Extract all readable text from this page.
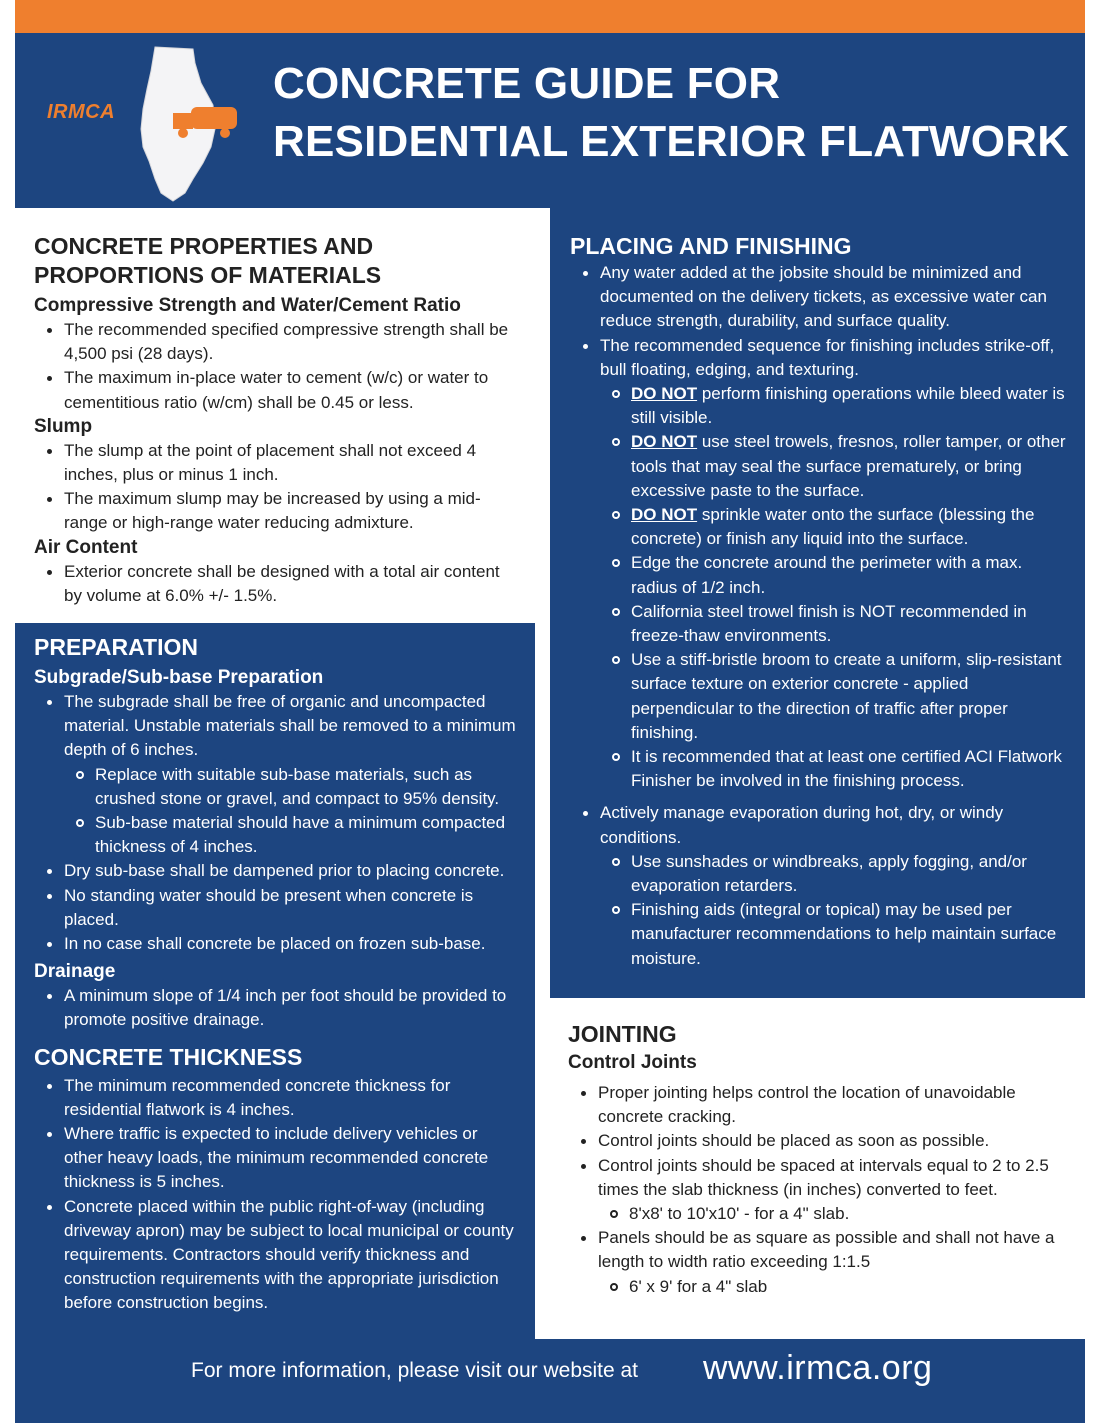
IRMCA
CONCRETE GUIDE FOR
RESIDENTIAL EXTERIOR FLATWORK
CONCRETE PROPERTIES AND PROPORTIONS OF MATERIALS
Compressive Strength and Water/Cement Ratio
The recommended specified compressive strength shall be 4,500 psi (28 days).
The maximum in-place water to cement (w/c) or water to cementitious ratio (w/cm) shall be 0.45 or less.
Slump
The slump at the point of placement shall not exceed 4 inches, plus or minus 1 inch.
The maximum slump may be increased by using a mid-range or high-range water reducing admixture.
Air Content
Exterior concrete shall be designed with a total air content by volume at 6.0% +/- 1.5%.
PREPARATION
Subgrade/Sub-base Preparation
The subgrade shall be free of organic and uncompacted material. Unstable materials shall be removed to a minimum depth of 6 inches.
Replace with suitable sub-base materials, such as crushed stone or gravel, and compact to 95% density.
Sub-base material should have a minimum compacted thickness of 4 inches.
Dry sub-base shall be dampened prior to placing concrete.
No standing water should be present when concrete is placed.
In no case shall concrete be placed on frozen sub-base.
Drainage
A minimum slope of 1/4 inch per foot should be provided to promote positive drainage.
CONCRETE THICKNESS
The minimum recommended concrete thickness for residential flatwork is 4 inches.
Where traffic is expected to include delivery vehicles or other heavy loads, the minimum recommended concrete thickness is 5 inches.
Concrete placed within the public right-of-way (including driveway apron) may be subject to local municipal or county requirements. Contractors should verify thickness and construction requirements with the appropriate jurisdiction before construction begins.
PLACING AND FINISHING
Any water added at the jobsite should be minimized and documented on the delivery tickets, as excessive water can reduce strength, durability, and surface quality.
The recommended sequence for finishing includes strike-off, bull floating, edging, and texturing.
DO NOT perform finishing operations while bleed water is still visible.
DO NOT use steel trowels, fresnos, roller tamper, or other tools that may seal the surface prematurely, or bring excessive paste to the surface.
DO NOT sprinkle water onto the surface (blessing the concrete) or finish any liquid into the surface.
Edge the concrete around the perimeter with a max. radius of 1/2 inch.
California steel trowel finish is NOT recommended in freeze-thaw environments.
Use a stiff-bristle broom to create a uniform, slip-resistant surface texture on exterior concrete - applied perpendicular to the direction of traffic after proper finishing.
It is recommended that at least one certified ACI Flatwork Finisher be involved in the finishing process.
Actively manage evaporation during hot, dry, or windy conditions.
Use sunshades or windbreaks, apply fogging, and/or evaporation retarders.
Finishing aids (integral or topical) may be used per manufacturer recommendations to help maintain surface moisture.
JOINTING
Control Joints
Proper jointing helps control the location of unavoidable concrete cracking.
Control joints should be placed as soon as possible.
Control joints should be spaced at intervals equal to 2 to 2.5 times the slab thickness (in inches) converted to feet.
8'x8' to 10'x10' - for a 4" slab.
Panels should be as square as possible and shall not have a length to width ratio exceeding 1:1.5
6' x 9' for a 4" slab
For more information, please visit our website at www.irmca.org
